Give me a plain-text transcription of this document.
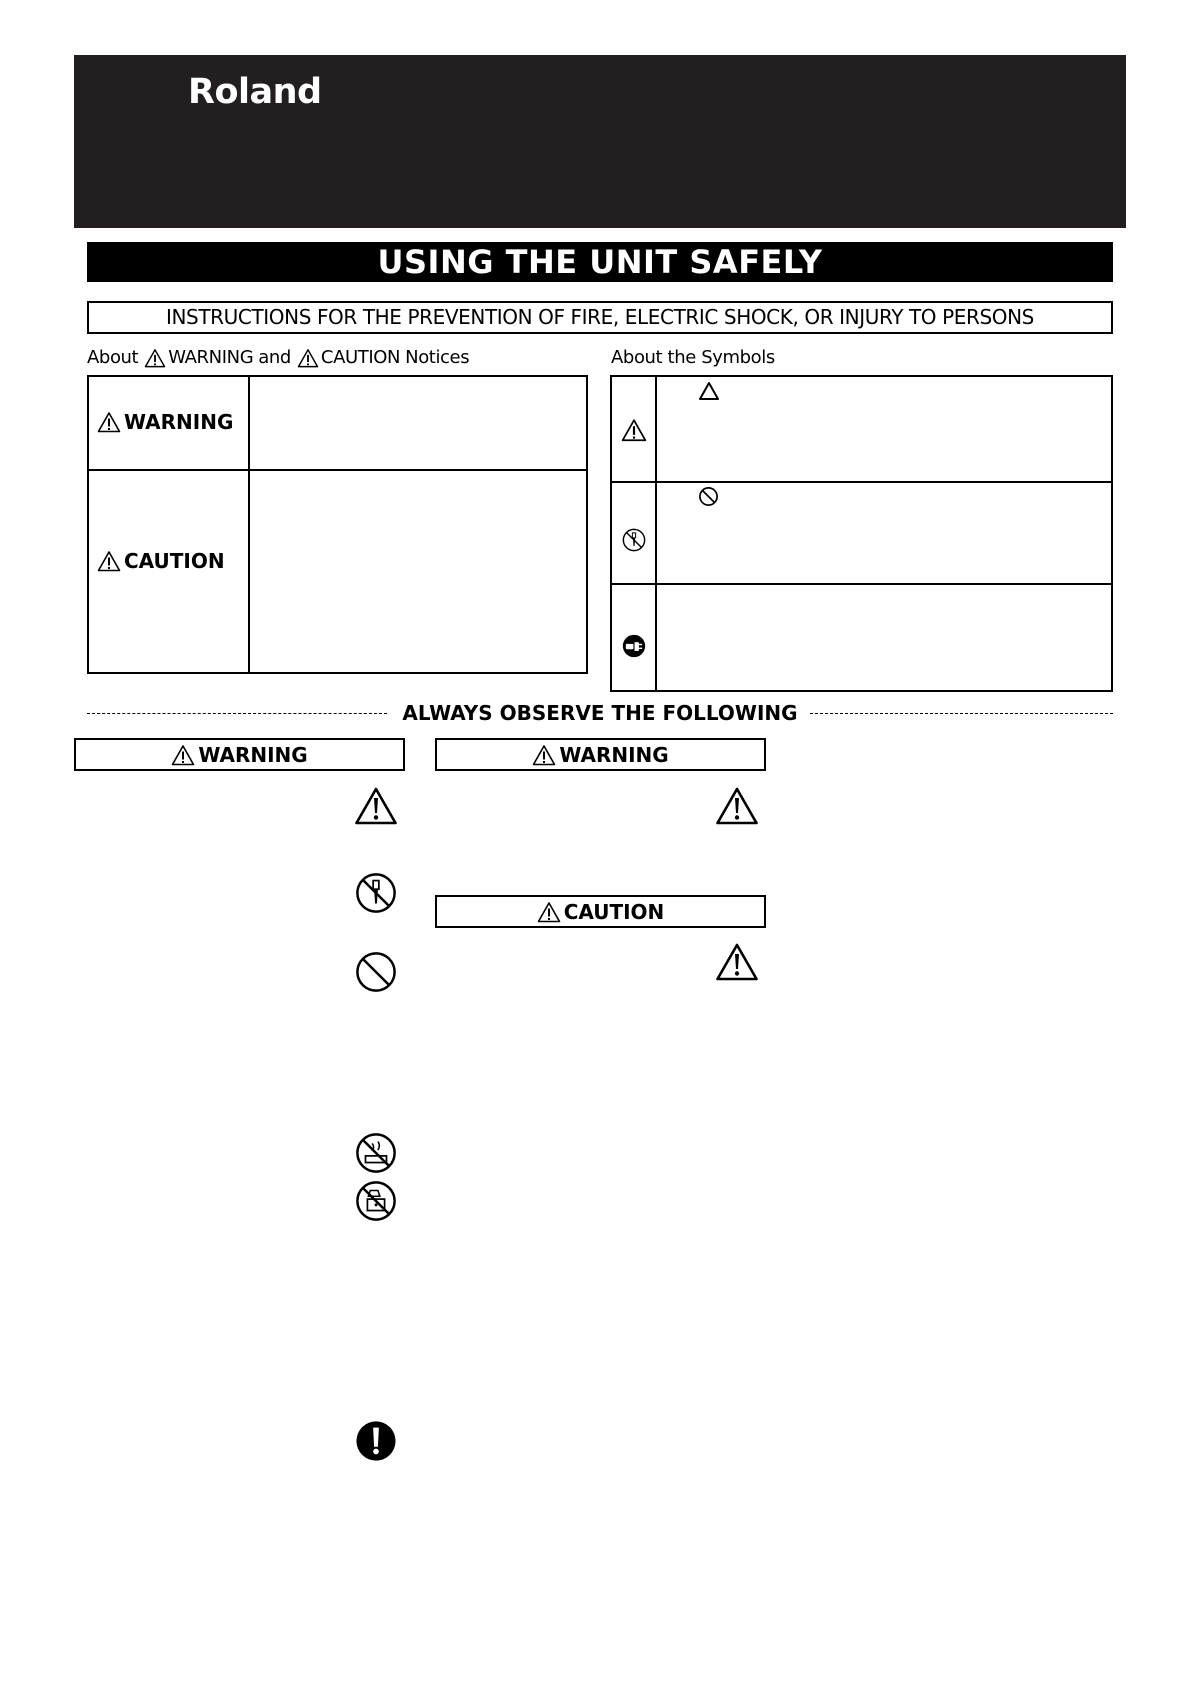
Roland
USING THE UNIT SAFELY
INSTRUCTIONS FOR THE PREVENTION OF FIRE, ELECTRIC SHOCK, OR INJURY TO PERSONS
About WARNING and CAUTION Notices	About the Symbols
WARNING
CAUTION
ALWAYS OBSERVE THE FOLLOWING
WARNING	WARNING
CAUTION
